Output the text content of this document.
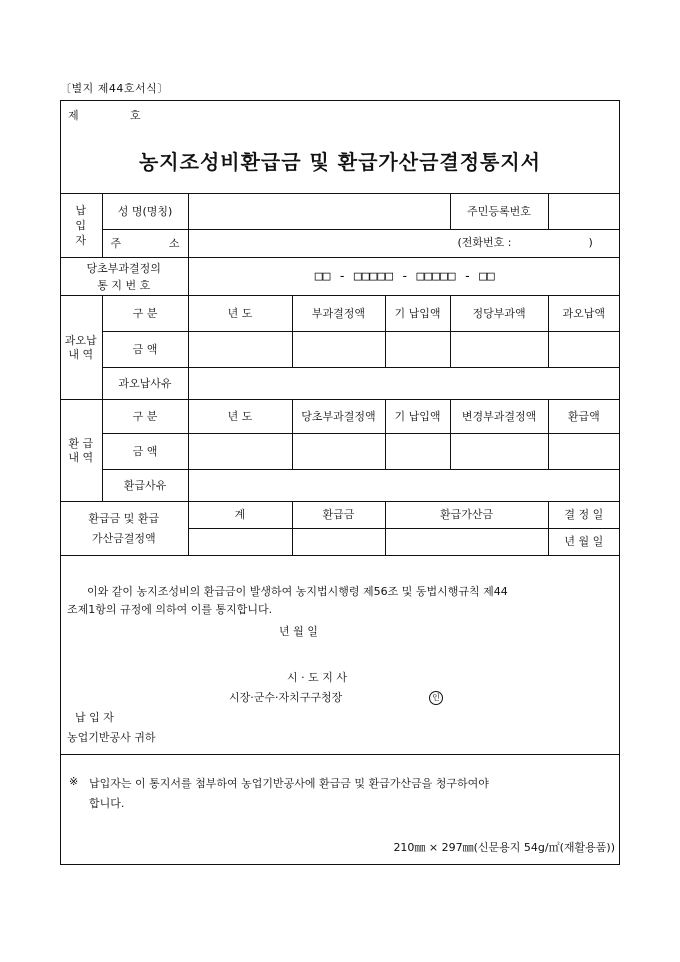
〔별지 제44호서식〕
제	호
농지조성비환급금 및 환급가산금결정통지서
납
입
자	성 명(명칭)				주민등록번호	

	주 소	(전화번호 : )				

당초부과결정의
통 지 번 호		□□ - □□□□□ - □□□□□ - □□				

과오납
내 역	구 분	년 도	부과결정액	기 납입액	정당부과액	과오납액
	금 액					
	과오납사유					

환 급
내 역	구 분	년 도	당초부과결정액	기 납입액	변경부과결정액	환급액
	금 액					
	환급사유					

환급금 및 환급
가산금결정액		계	환급금	환급가산금		결 정 일
						년 월 일
이와 같이 농지조성비의 환급금이 발생하여 농지법시행령 제56조 및 동법시행규칙 제44
조제1항의 규정에 의하여 이를 통지합니다.
년 월 일
시 · 도 지 사
시장·군수·자치구구청장	인
납 입 자
농업기반공사 귀하
※ 납입자는 이 통지서를 첨부하여 농업기반공사에 환급금 및 환급가산금을 청구하여야
합니다.
210㎜ × 297㎜(신문용지 54g/㎡(재활용품))
